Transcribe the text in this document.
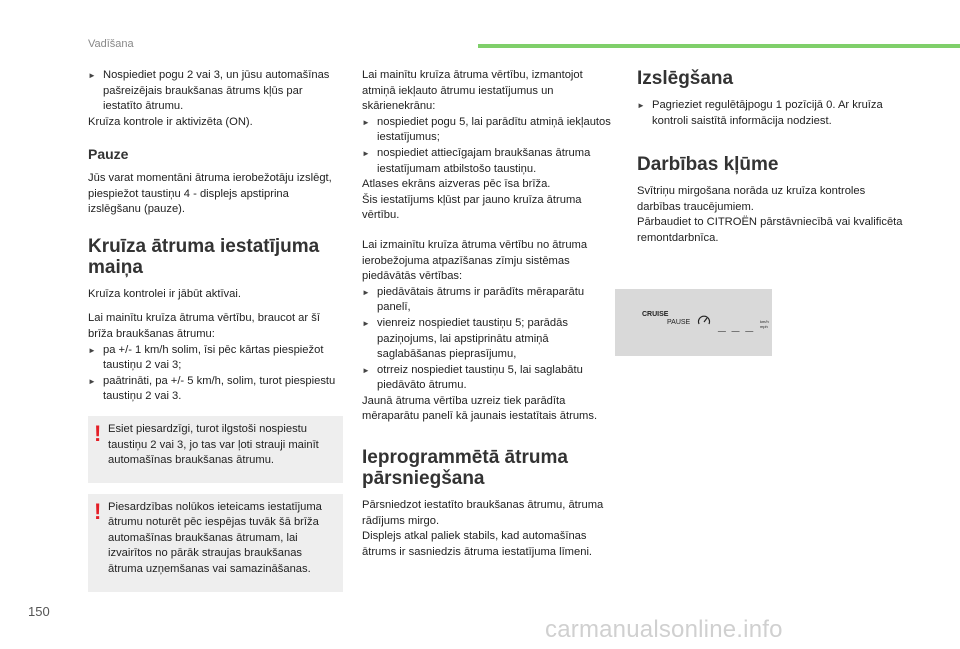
Vadīšana

► Nospiediet pogu 2 vai 3, un jūsu automašīnas pašreizējais braukšanas ātrums kļūs par iestatīto ātrumu.

Kruīza kontrole ir aktivizēta (ON).

Pauze

Jūs varat momentāni ātruma ierobežotāju izslēgt, piespiežot taustiņu 4 - displejs apstiprina izslēgšanu (pauze).

Kruīza ātruma iestatījuma maiņa

Kruīza kontrolei ir jābūt aktīvai.

Lai mainītu kruīza ātruma vērtību, braucot ar šī brīža braukšanas ātrumu:

► pa +/- 1 km/h solim, īsi pēc kārtas piespiežot taustiņu 2 vai 3;

► paātrināti, pa +/- 5 km/h, solim, turot piespiestu taustiņu 2 vai 3.

! Esiet piesardzīgi, turot ilgstoši nospiestu taustiņu 2 vai 3, jo tas var ļoti strauji mainīt automašīnas braukšanas ātrumu.

! Piesardzības nolūkos ieteicams iestatījuma ātrumu noturēt pēc iespējas tuvāk šā brīža automašīnas braukšanas ātrumam, lai izvairītos no pārāk straujas braukšanas ātruma uzņemšanas vai samazināšanas.

Lai mainītu kruīza ātruma vērtību, izmantojot atmiņā iekļauto ātrumu iestatījumus un skārienekrānu:

► nospiediet pogu 5, lai parādītu atmiņā iekļautos iestatījumus;

► nospiediet attiecīgajam braukšanas ātruma iestatījumam atbilstošo taustiņu.

Atlases ekrāns aizveras pēc īsa brīža.

Šis iestatījums kļūst par jauno kruīza ātruma vērtību.

Lai izmainītu kruīza ātruma vērtību no ātruma ierobežojuma atpazīšanas zīmju sistēmas piedāvātās vērtības:

► piedāvātais ātrums ir parādīts mēraparātu panelī,

► vienreiz nospiediet taustiņu 5; parādās paziņojums, lai apstiprinātu atmiņā saglabāšanas pieprasījumu,

► otrreiz nospiediet taustiņu 5, lai saglabātu piedāvāto ātrumu.

Jaunā ātruma vērtība uzreiz tiek parādīta mēraparātu panelī kā jaunais iestatītais ātrums.

Ieprogrammētā ātruma pārsniegšana

Pārsniedzot iestatīto braukšanas ātrumu, ātruma rādījums mirgo.

Displejs atkal paliek stabils, kad automašīnas ātrums ir sasniedzis ātruma iestatījuma līmeni.

Izslēgšana

► Pagrieziet regulētājpogu 1 pozīcijā 0. Ar kruīza kontroli saistītā informācija nodziest.

Darbības kļūme

Svītriņu mirgošana norāda uz kruīza kontroles darbības traucējumiem.

Pārbaudiet to CITROËN pārstāvniecībā vai kvalificēta remontdarbnīca.

CRUISE
PAUSE _ _ _ km/h mph
150
carmanualsonline.info
